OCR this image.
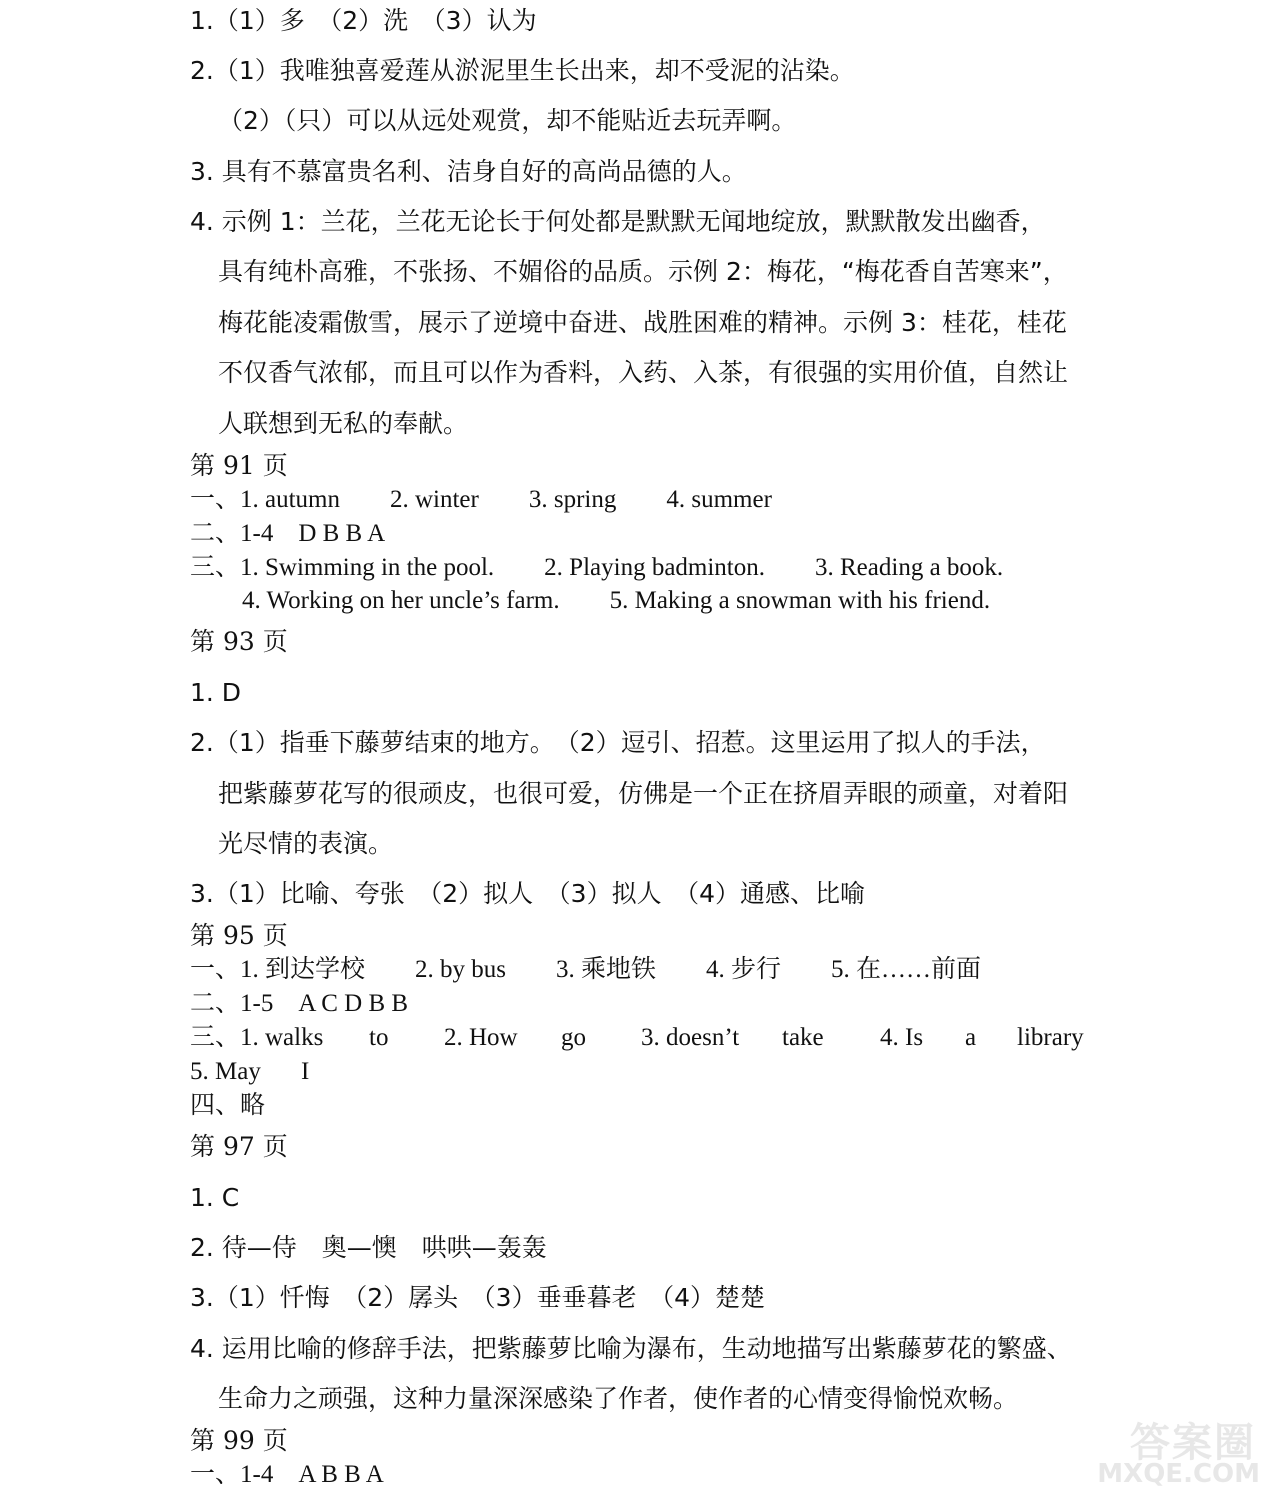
1.（1）多　（2）洗　（3）认为
2.（1）我唯独喜爱莲从淤泥里生长出来，却不受泥的沾染。
（2）（只）可以从远处观赏，却不能贴近去玩弄啊。
3. 具有不慕富贵名利、洁身自好的高尚品德的人。
4. 示例 1：兰花，兰花无论长于何处都是默默无闻地绽放，默默散发出幽香，
具有纯朴高雅，不张扬、不媚俗的品质。示例 2：梅花，“梅花香自苦寒来”，
梅花能凌霜傲雪，展示了逆境中奋进、战胜困难的精神。示例 3：桂花，桂花
不仅香气浓郁，而且可以作为香料，入药、入茶，有很强的实用价值，自然让
人联想到无私的奉献。
第 91 页
一、1. autumn　　2. winter　　3. spring　　4. summer
二、1-4　D B B A
三、1. Swimming in the pool.　　2. Playing badminton.　　3. Reading a book.
4. Working on her uncle’s farm.　　5. Making a snowman with his friend.
第 93 页
1. D
2.（1）指垂下藤萝结束的地方。　（2）逗引、招惹。这里运用了拟人的手法，
把紫藤萝花写的很顽皮，也很可爱，仿佛是一个正在挤眉弄眼的顽童，对着阳
光尽情的表演。
3.（1）比喻、夸张　（2）拟人　（3）拟人　（4）通感、比喻
第 95 页
一、1. 到达学校　　2. by bus　　3. 乘地铁　　4. 步行　　5. 在……前面
二、1-5　A C D B B
三、1. walks to 2. How go 3. doesn’t take 4. Is a library
5. May I
四、略
第 97 页
1. C
2. 待—侍　奥—懊　哄哄—轰轰
3.（1）忏悔　（2）孱头　（3）垂垂暮老　（4）楚楚
4. 运用比喻的修辞手法，把紫藤萝比喻为瀑布，生动地描写出紫藤萝花的繁盛、
生命力之顽强，这种力量深深感染了作者，使作者的心情变得愉悦欢畅。
第 99 页
一、1-4　A B B A
答案圈
MXQE.COM
